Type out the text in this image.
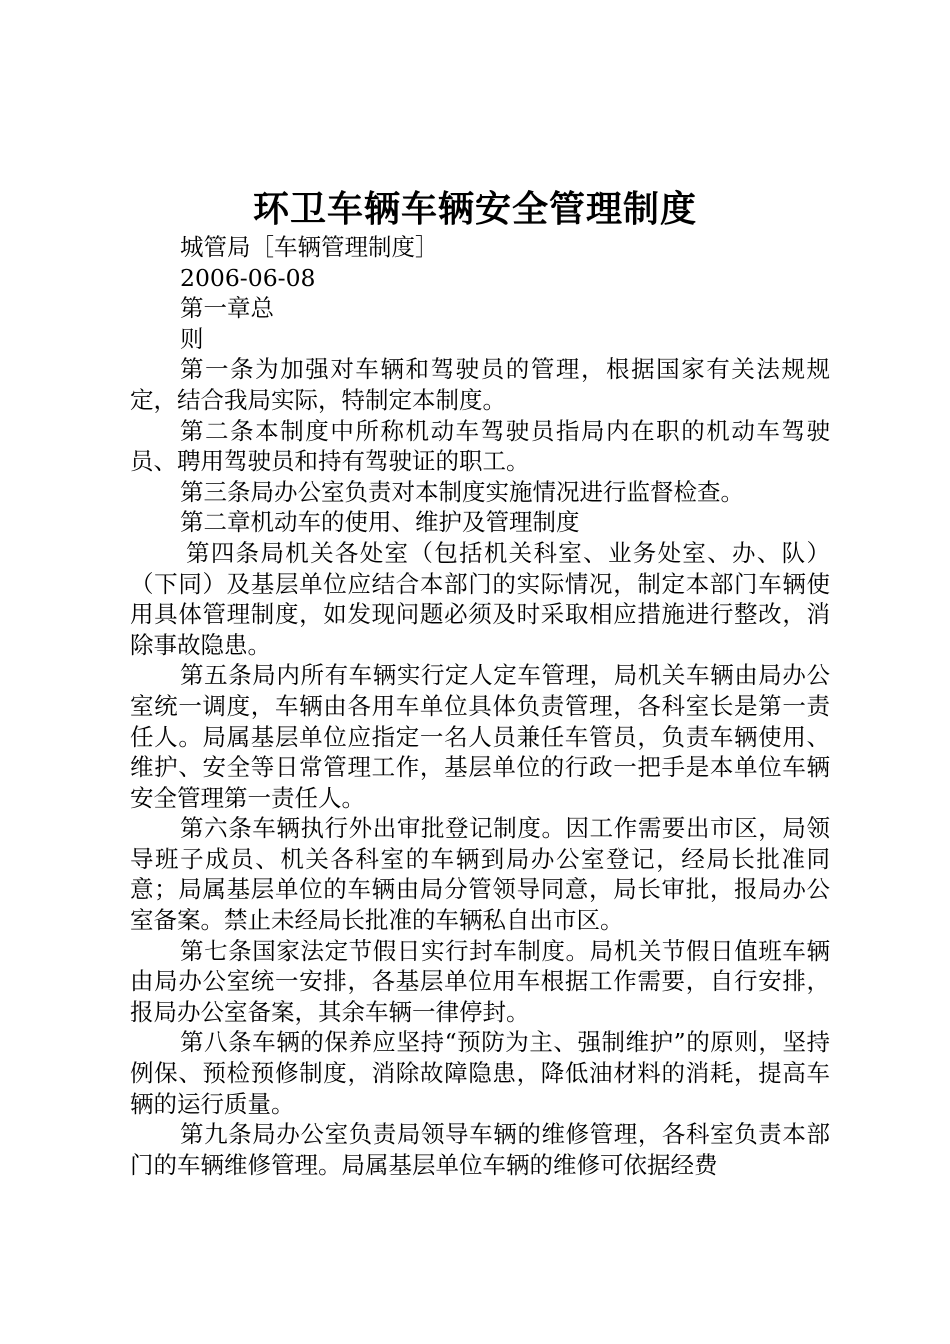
环卫车辆车辆安全管理制度
城管局［车辆管理制度］
2006-06-08
第一章总
则
第一条为加强对车辆和驾驶员的管理，根据国家有关法规规定，结合我局实际，特制定本制度。
第二条本制度中所称机动车驾驶员指局内在职的机动车驾驶员、聘用驾驶员和持有驾驶证的职工。
第三条局办公室负责对本制度实施情况进行监督检查。
第二章机动车的使用、维护及管理制度
第四条局机关各处室（包括机关科室、业务处室、办、队）（下同）及基层单位应结合本部门的实际情况，制定本部门车辆使用具体管理制度，如发现问题必须及时采取相应措施进行整改，消除事故隐患。
第五条局内所有车辆实行定人定车管理，局机关车辆由局办公室统一调度，车辆由各用车单位具体负责管理，各科室长是第一责任人。局属基层单位应指定一名人员兼任车管员，负责车辆使用、维护、安全等日常管理工作，基层单位的行政一把手是本单位车辆安全管理第一责任人。
第六条车辆执行外出审批登记制度。因工作需要出市区，局领导班子成员、机关各科室的车辆到局办公室登记，经局长批准同意；局属基层单位的车辆由局分管领导同意，局长审批，报局办公室备案。禁止未经局长批准的车辆私自出市区。
第七条国家法定节假日实行封车制度。局机关节假日值班车辆由局办公室统一安排，各基层单位用车根据工作需要，自行安排，报局办公室备案，其余车辆一律停封。
第八条车辆的保养应坚持“预防为主、强制维护”的原则，坚持例保、预检预修制度，消除故障隐患，降低油材料的消耗，提高车辆的运行质量。
第九条局办公室负责局领导车辆的维修管理，各科室负责本部门的车辆维修管理。局属基层单位车辆的维修可依据经费
